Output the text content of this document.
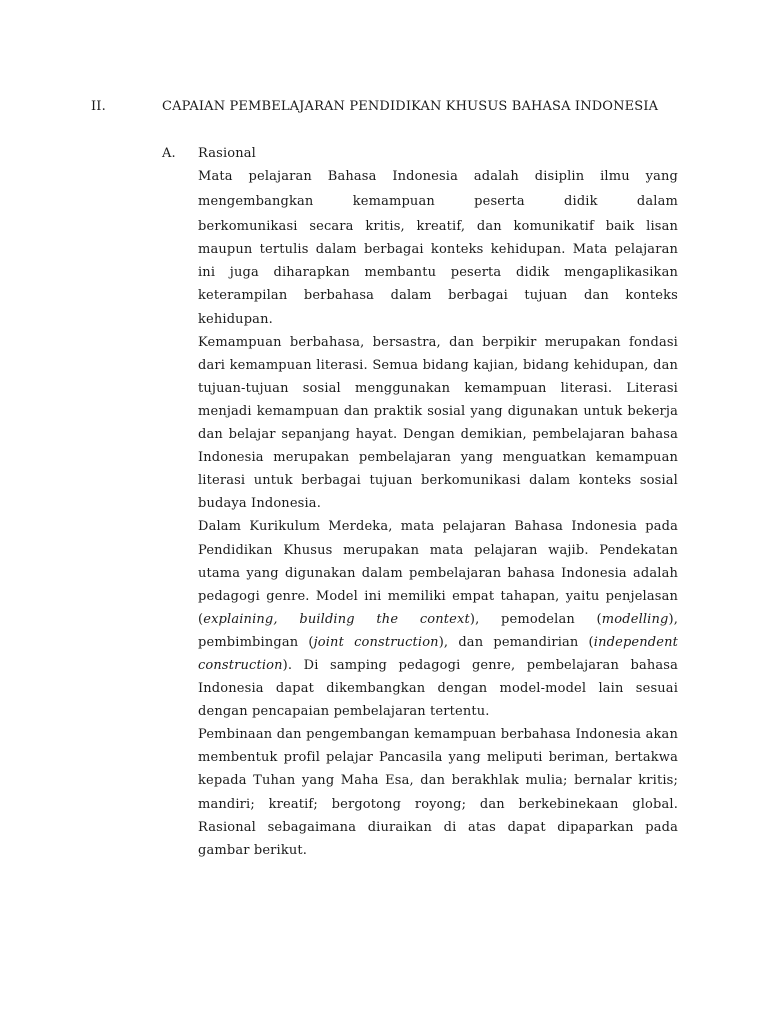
II.	CAPAIAN PEMBELAJARAN PENDIDIKAN KHUSUS BAHASA INDONESIA
A. Rasional

Mata pelajaran Bahasa Indonesia adalah disiplin ilmu yang

mengembangkan kemampuan peserta didik dalam

berkomunikasi secara kritis, kreatif, dan komunikatif baik lisan maupun tertulis dalam berbagai konteks kehidupan. Mata pelajaran ini juga diharapkan membantu peserta didik mengaplikasikan keterampilan berbahasa dalam berbagai tujuan dan konteks kehidupan.

Kemampuan berbahasa, bersastra, dan berpikir merupakan fondasi dari kemampuan literasi. Semua bidang kajian, bidang kehidupan, dan tujuan-tujuan sosial menggunakan kemampuan literasi. Literasi menjadi kemampuan dan praktik sosial yang digunakan untuk bekerja dan belajar sepanjang hayat. Dengan demikian, pembelajaran bahasa Indonesia merupakan pembelajaran yang menguatkan kemampuan literasi untuk berbagai tujuan berkomunikasi dalam konteks sosial budaya Indonesia.

Dalam Kurikulum Merdeka, mata pelajaran Bahasa Indonesia pada Pendidikan Khusus merupakan mata pelajaran wajib. Pendekatan utama yang digunakan dalam pembelajaran bahasa Indonesia adalah pedagogi genre. Model ini memiliki empat tahapan, yaitu penjelasan (explaining, building the context), pemodelan (modelling), pembimbingan (joint construction), dan pemandirian (independent construction). Di samping pedagogi genre, pembelajaran bahasa Indonesia dapat dikembangkan dengan model-model lain sesuai dengan pencapaian pembelajaran tertentu.

Pembinaan dan pengembangan kemampuan berbahasa Indonesia akan membentuk profil pelajar Pancasila yang meliputi beriman, bertakwa kepada Tuhan yang Maha Esa, dan berakhlak mulia; bernalar kritis; mandiri; kreatif; bergotong royong; dan berkebinekaan global. Rasional sebagaimana diuraikan di atas dapat dipaparkan pada gambar berikut.
